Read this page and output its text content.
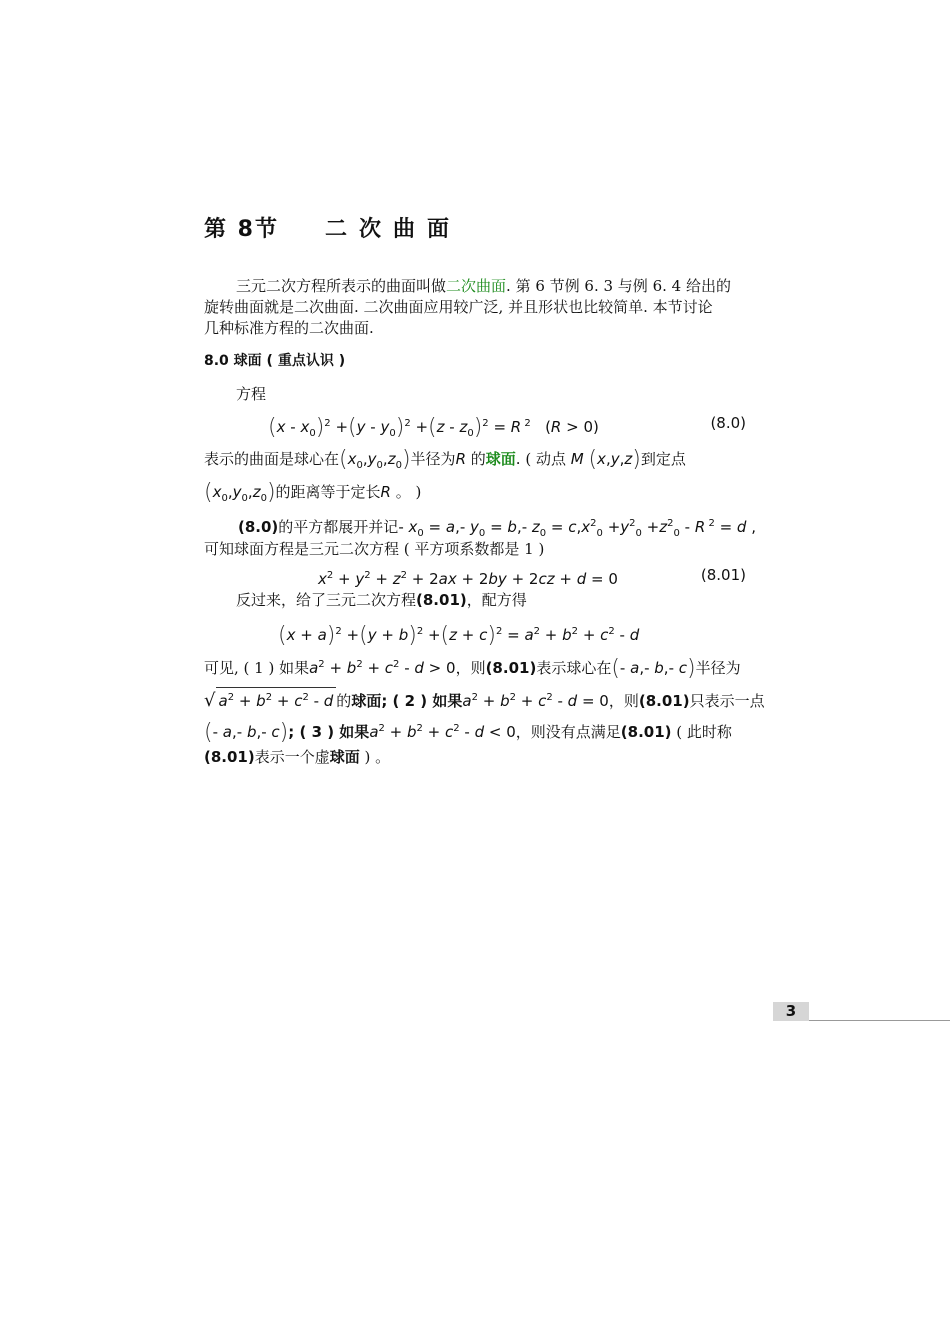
第 8节 二次曲面
三元二次方程所表示的曲面叫做二次曲面. 第 6 节例 6. 3 与例 6. 4 给出的
旋转曲面就是二次曲面. 二次曲面应用较广泛, 并且形状也比较简单. 本节讨论
几种标准方程的二次曲面.
8.0 球面 ( 重点认识 )
方程
$(x - x_0)^2 +(y - y_0)^2 +(z - z_0)^2 = R$ $^2$   (R > 0)	(8.0)
表示的曲面是球心在$(x_0,y_0,z_0)$半径为R 的球面. ( 动点 M (x,y,z)到定点
$(x_0,y_0,z_0)$的距离等于定长R 。 )
(8.0)的平方都展开并记- $x_0 = a,-$ $y_0 = b,-$ $z_0 = c,x^2_0 +y^2_0 +z^2_0 - R$ $^2$ = d ,
可知球面方程是三元二次方程 ( 平方项系数都是 1 )
$x^2 + y^2 + z^2 + 2ax + 2by + 2cz + d = 0$	(8.01)
反过来，给了三元二次方程(8.01)，配方得
$(x + a)^2 +(y + b)^2 +(z + c)^2 = a^2 + b^2 + c^2 - d$
可见, ( 1 ) 如果$a^2 + b^2 + c^2 - d > 0$，则(8.01)表示球心在(- a,- b,- c)半径为
√ $a^2 + b^2 + c^2 - d$ 的球面; ( 2 ) 如果$a^2 + b^2 + c^2 - d = 0$，则(8.01)只表示一点
(- a,- b,- c); ( 3 ) 如果$a^2 + b^2 + c^2 - d < 0$，则没有点满足(8.01) ( 此时称
(8.01)表示一个虚球面 ) 。
3
